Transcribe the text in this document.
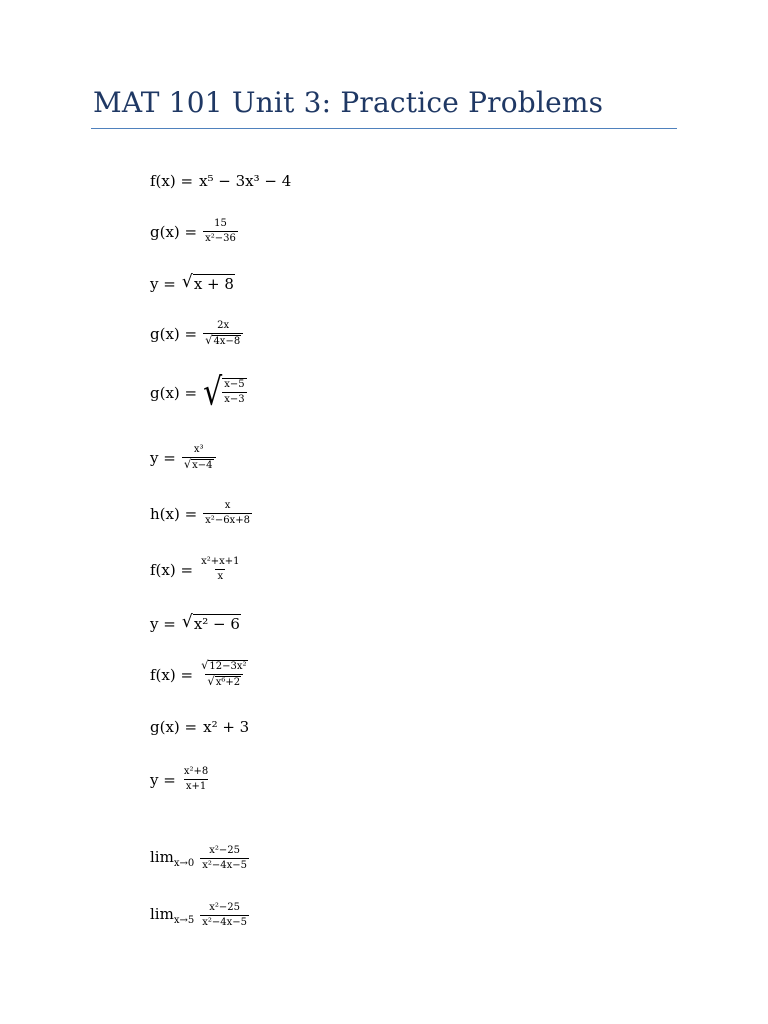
MAT 101 Unit 3: Practice Problems
f(x) = x⁵ − 3x³ − 4
$g(x) = \frac{15}{\text{x²−36}}$
y = √ x + 8
$g(x) = \frac{2x}{√ 4x-8}$
g(x) = √ $\frac{x-5}{x-3}$
$y = \frac{\text{x³}}{√ x-4}$
$h(x) = \frac{x}{\text{x²−6x+8}}$
$f(x) = \frac{\text{x²+x+1}}{x}$
y = √ x² − 6
$f(x) = \frac{\text{√ 12−3x²}}{\text{√ x⁶+2}}$
g(x) = x² + 3
$y = \frac{\text{x²+8}}{x+1}$
$\lim_{x\to 0} \frac{\text{x²−25}}{\text{x²−4x−5}}$
$\lim_{x\to 5} \frac{\text{x²−25}}{\text{x²−4x−5}}$
